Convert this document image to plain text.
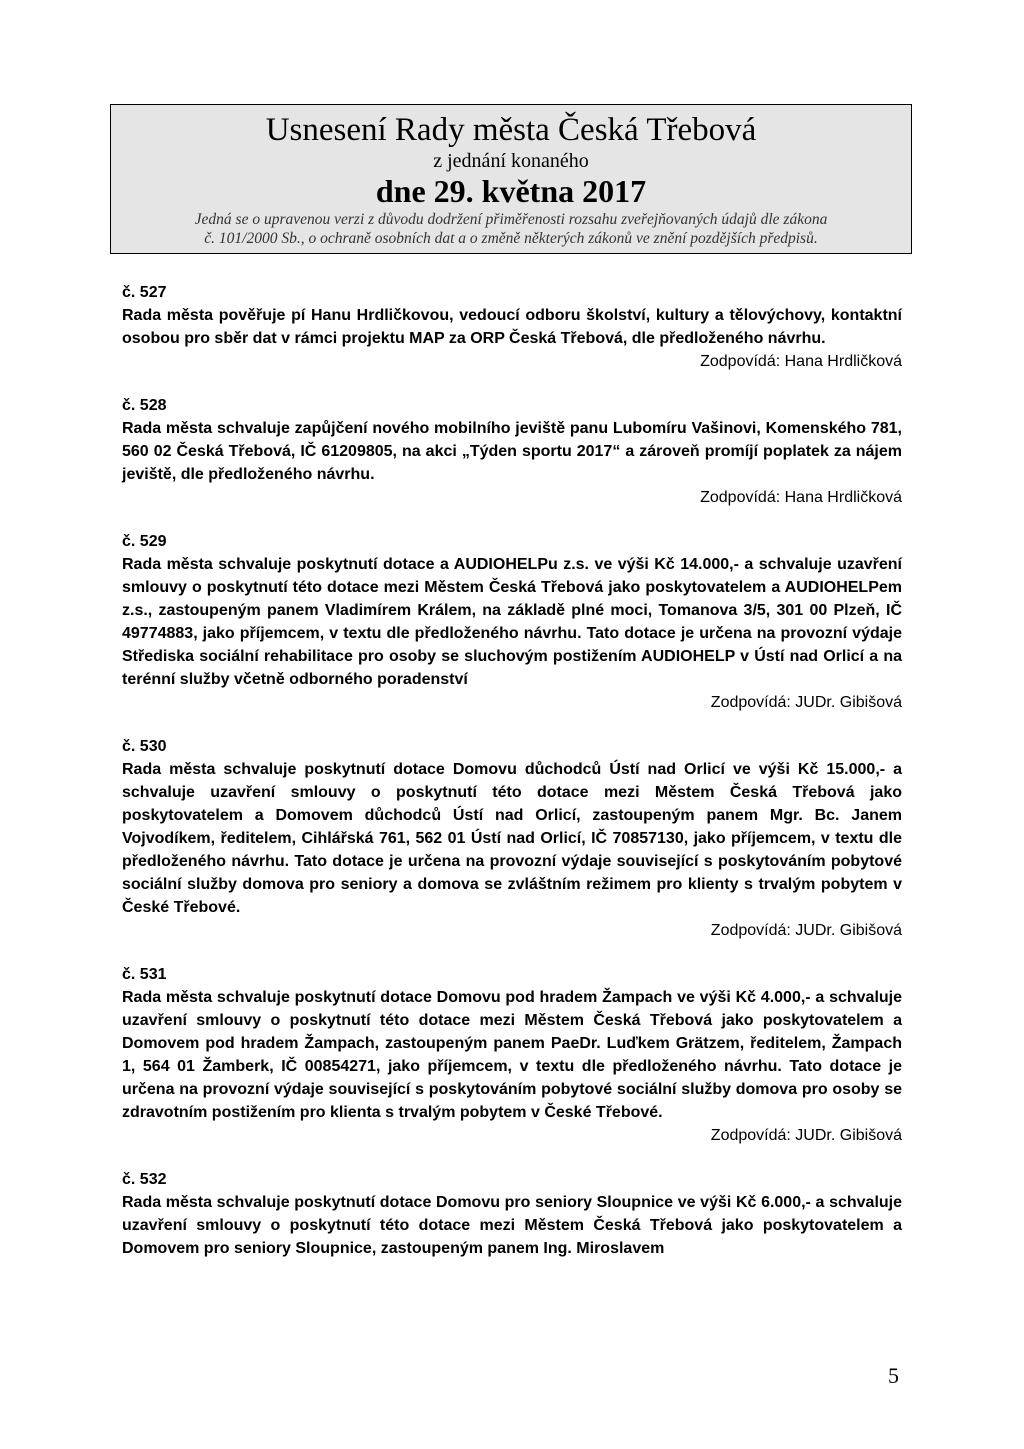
Usnesení Rady města Česká Třebová
z jednání konaného
dne 29. května 2017
Jedná se o upravenou verzi z důvodu dodržení přiměřenosti rozsahu zveřejňovaných údajů dle zákona
č. 101/2000 Sb., o ochraně osobních dat a o změně některých zákonů ve znění pozdějších předpisů.
č. 527
Rada města pověřuje pí Hanu Hrdličkovou, vedoucí odboru školství, kultury a tělovýchovy, kontaktní osobou pro sběr dat v rámci projektu MAP za ORP Česká Třebová, dle předloženého návrhu.
Zodpovídá: Hana Hrdličková
č. 528
Rada města schvaluje zapůjčení nového mobilního jeviště panu Lubomíru Vašinovi, Komenského 781, 560 02 Česká Třebová, IČ 61209805, na akci „Týden sportu 2017“ a zároveň promíjí poplatek za nájem jeviště, dle předloženého návrhu.
Zodpovídá: Hana Hrdličková
č. 529
Rada města schvaluje poskytnutí dotace a AUDIOHELPu z.s. ve výši Kč 14.000,- a schvaluje uzavření smlouvy o poskytnutí této dotace mezi Městem Česká Třebová jako poskytovatelem a AUDIOHELPem z.s., zastoupeným panem Vladimírem Králem, na základě plné moci, Tomanova 3/5, 301 00 Plzeň, IČ 49774883, jako příjemcem, v textu dle předloženého návrhu. Tato dotace je určena na provozní výdaje Střediska sociální rehabilitace pro osoby se sluchovým postižením AUDIOHELP v Ústí nad Orlicí a na terénní služby včetně odborného poradenství
Zodpovídá: JUDr. Gibišová
č. 530
Rada města schvaluje poskytnutí dotace Domovu důchodců Ústí nad Orlicí ve výši Kč 15.000,- a schvaluje uzavření smlouvy o poskytnutí této dotace mezi Městem Česká Třebová jako poskytovatelem a Domovem důchodců Ústí nad Orlicí, zastoupeným panem Mgr. Bc. Janem Vojvodíkem, ředitelem, Cihlářská 761, 562 01 Ústí nad Orlicí, IČ 70857130, jako příjemcem, v textu dle předloženého návrhu. Tato dotace je určena na provozní výdaje související s poskytováním pobytové sociální služby domova pro seniory a domova se zvláštním režimem pro klienty s trvalým pobytem v České Třebové.
Zodpovídá: JUDr. Gibišová
č. 531
Rada města schvaluje poskytnutí dotace Domovu pod hradem Žampach ve výši Kč 4.000,- a schvaluje uzavření smlouvy o poskytnutí této dotace mezi Městem Česká Třebová jako poskytovatelem a Domovem pod hradem Žampach, zastoupeným panem PaeDr. Luďkem Grätzem, ředitelem, Žampach 1, 564 01 Žamberk, IČ 00854271, jako příjemcem, v textu dle předloženého návrhu. Tato dotace je určena na provozní výdaje související s poskytováním pobytové sociální služby domova pro osoby se zdravotním postižením pro klienta s trvalým pobytem v České Třebové.
Zodpovídá: JUDr. Gibišová
č. 532
Rada města schvaluje poskytnutí dotace Domovu pro seniory Sloupnice ve výši Kč 6.000,- a schvaluje uzavření smlouvy o poskytnutí této dotace mezi Městem Česká Třebová jako poskytovatelem a Domovem pro seniory Sloupnice, zastoupeným panem Ing. Miroslavem
5
